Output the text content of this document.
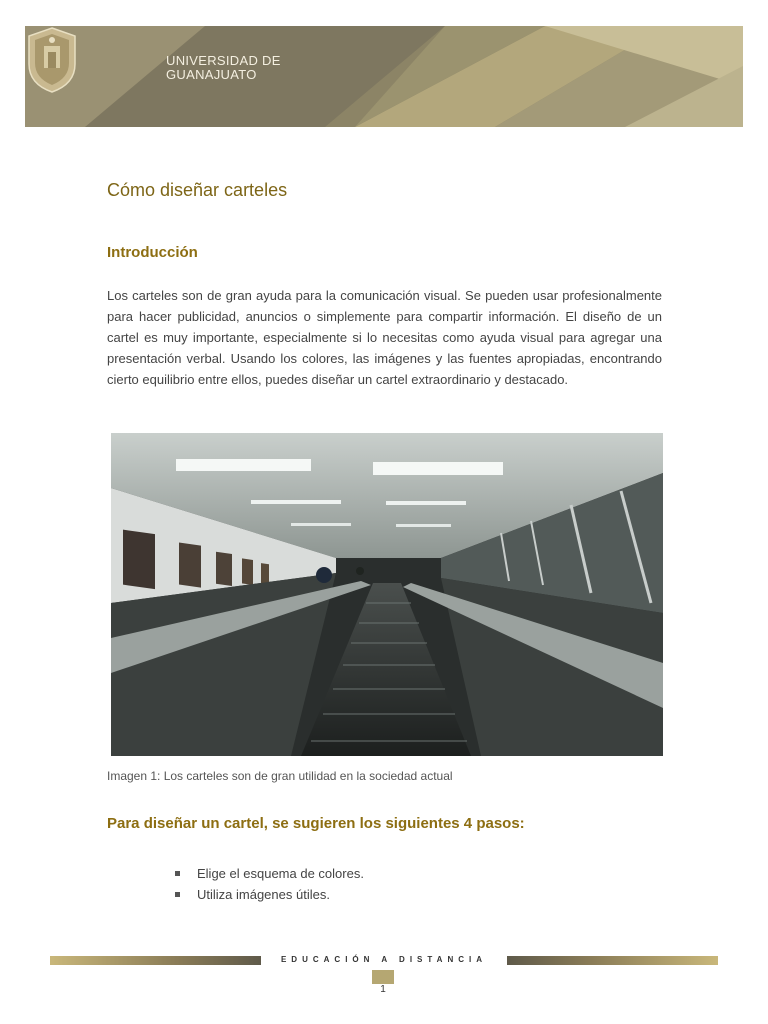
UNIVERSIDAD DE
GUANAJUATO
Cómo diseñar carteles
Introducción

Los carteles son de gran ayuda para la comunicación visual. Se pueden usar profesionalmente para hacer publicidad, anuncios o simplemente para compartir información. El diseño de un cartel es muy importante, especialmente si lo necesitas como ayuda visual para agregar una presentación verbal. Usando los colores, las imágenes y las fuentes apropiadas, encontrando cierto equilibrio entre ellos, puedes diseñar un cartel extraordinario y destacado.

Imagen 1: Los carteles son de gran utilidad en la sociedad actual

Para diseñar un cartel, se sugieren los siguientes 4 pasos:
Elige el esquema de colores.
Utiliza imágenes útiles.
EDUCACIÓN A DISTANCIA
1
